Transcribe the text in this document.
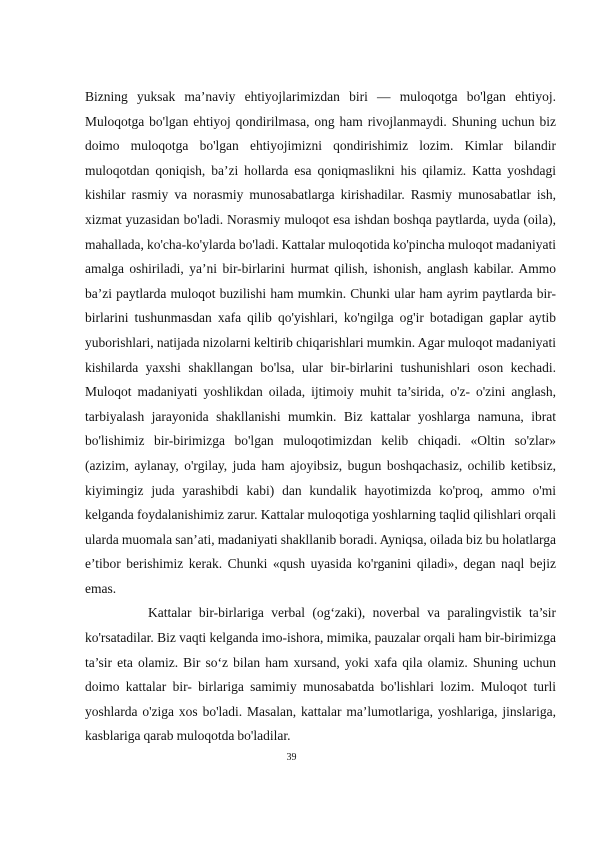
Bizning yuksak ma’naviy ehtiyojlarimizdan biri — muloqotga bo'lgan ehtiyoj. Muloqotga bo'lgan ehtiyoj qondirilmasa, ong ham rivojlanmaydi. Shuning uchun biz doimo muloqotga bo'lgan ehtiyojimizni qondirishimiz lozim. Kimlar bilandir muloqotdan qoniqish, ba’zi hollarda esa qoniqmaslikni his qilamiz. Katta yoshdagi kishilar rasmiy va norasmiy munosabatlarga kirishadilar. Rasmiy munosabatlar ish, xizmat yuzasidan bo'ladi. Norasmiy muloqot esa ishdan boshqa paytlarda, uyda (oila), mahallada, ko'cha-ko'ylarda bo'ladi. Kattalar muloqotida ko'pincha muloqot madaniyati amalga oshiriladi, ya’ni bir-birlarini hurmat qilish, ishonish, anglash kabilar. Ammo ba’zi paytlarda muloqot buzilishi ham mumkin. Chunki ular ham ayrim paytlarda bir-birlarini tushunmasdan xafa qilib qo'yishlari, ko'ngilga og'ir botadigan gaplar aytib yuborishlari, natijada nizolarni keltirib chiqarishlari mumkin. Agar muloqot madaniyati kishilarda yaxshi shakllangan bo'lsa, ular bir-birlarini tushunishlari oson kechadi. Muloqot madaniyati yoshlikdan oilada, ijtimoiy muhit ta’sirida, o'z- o'zini anglash, tarbiyalash jarayonida shakllanishi mumkin. Biz kattalar yoshlarga namuna, ibrat bo'lishimiz bir-birimizga bo'lgan muloqotimizdan kelib chiqadi. «Oltin so'zlar» (azizim, aylanay, o'rgilay, juda ham ajoyibsiz, bugun boshqachasiz, ochilib ketibsiz, kiyimingiz juda yarashibdi kabi) dan kundalik hayotimizda ko'proq, ammo o'mi kelganda foydalanishimiz zarur. Kattalar muloqotiga yoshlarning taqlid qilishlari orqali ularda muomala san’ati, madaniyati shakllanib boradi. Ayniqsa, oilada biz bu holatlarga e’tibor berishimiz kerak. Chunki «qush uyasida ko'rganini qiladi», degan naql bejiz emas.

Kattalar bir-birlariga verbal (og‘zaki), noverbal va paralingvistik ta’sir ko'rsatadilar. Biz vaqti kelganda imo-ishora, mimika, pauzalar orqali ham bir-birimizga ta’sir eta olamiz. Bir so‘z bilan ham xursand, yoki xafa qila olamiz. Shuning uchun doimo kattalar bir- birlariga samimiy munosabatda bo'lishlari lozim. Muloqot turli yoshlarda o'ziga xos bo'ladi. Masalan, kattalar ma’lumotlariga, yoshlariga, jinslariga, kasblariga qarab muloqotda bo'ladilar.

39
